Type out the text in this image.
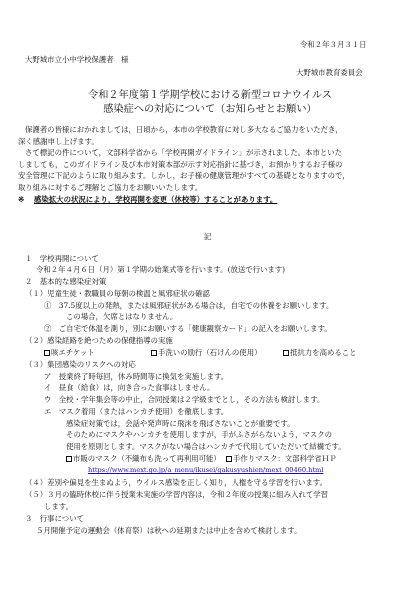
令和２年３月３１日
大野城市立小中学校保護者　様
大野城市教育委員会
令和２年度第１学期学校における新型コロナウイルス
感染症への対応について（お知らせとお願い）
保護者の皆様におかれましては，日頃から，本市の学校教育に対し多大なるご協力をいただき，
深く感謝申し上げます。
さて標記の件について，文部科学省から「学校再開ガイドライン」が示されました。本市といた
しましても，このガイドライン及び本市対策本部が示す対応指針に基づき，お預かりするお子様の
安全管理に下記のように取り組みます。しかし，お子様の健康管理がすべての基礎となりますので，
取り組みに対するご理解とご協力をお願いいたします。
※ 感染拡大の状況により，学校再開を変更（休校等）することがあります。
記
１　学校再開について
令和２年４月６日（月）第１学期の始業式等を行います。(放送で行います)
２　基本的な感染症対策
（１）児童生徒・教職員の毎朝の検温と風邪症状の確認
①　37.5度以上の発熱，または風邪症状がある場合は，自宅での休養をお願いします。
この場合，欠席とはなりません。
②　ご自宅で体温を測り，別にお願いする「健康観察カード」の記入をお願いします。
（２）感染経路を絶つための保健指導の実施
咳エチケット	手洗いの励行（石けんの使用）	抵抗力を高めること
（３）集団感染のリスクへの対応
ア　授業終了時毎回，休み時間等に換気を実施します。
イ　昼食（給食）は，向き合った食事はしません。
ウ　全校・学年集会等の中止，合同授業は２学級までとし，その方法も検討します。
エ　マスク着用（またはハンカチ使用）を徹底します。
感染症対策では，会話や発声時に飛沫を飛ばさないことが重要です。
そのためにマスクやハンカチを使用しますが，手がふさがらないよう，マスクの
使用を原則とします。マスクがない場合はハンカチで代用していただいて結構です。
市販のマスク（不織布も洗って再利用可能）	手作りマスク：文部科学省ＨＰ
https://www.mext.go.jp/a_menu/ikusei/gakusyushien/mext_00460.html
（４）差別や偏見を生まぬよう，ウイルス感染を正しく知り，人権を守る学習を行います。
（５）３月の臨時休校に伴う授業未実施の学習内容は，令和２年度の授業に組み入れて学習
します。
３　行事について
５月開催予定の運動会（体育祭）は秋への延期または中止を含めて検討します。
